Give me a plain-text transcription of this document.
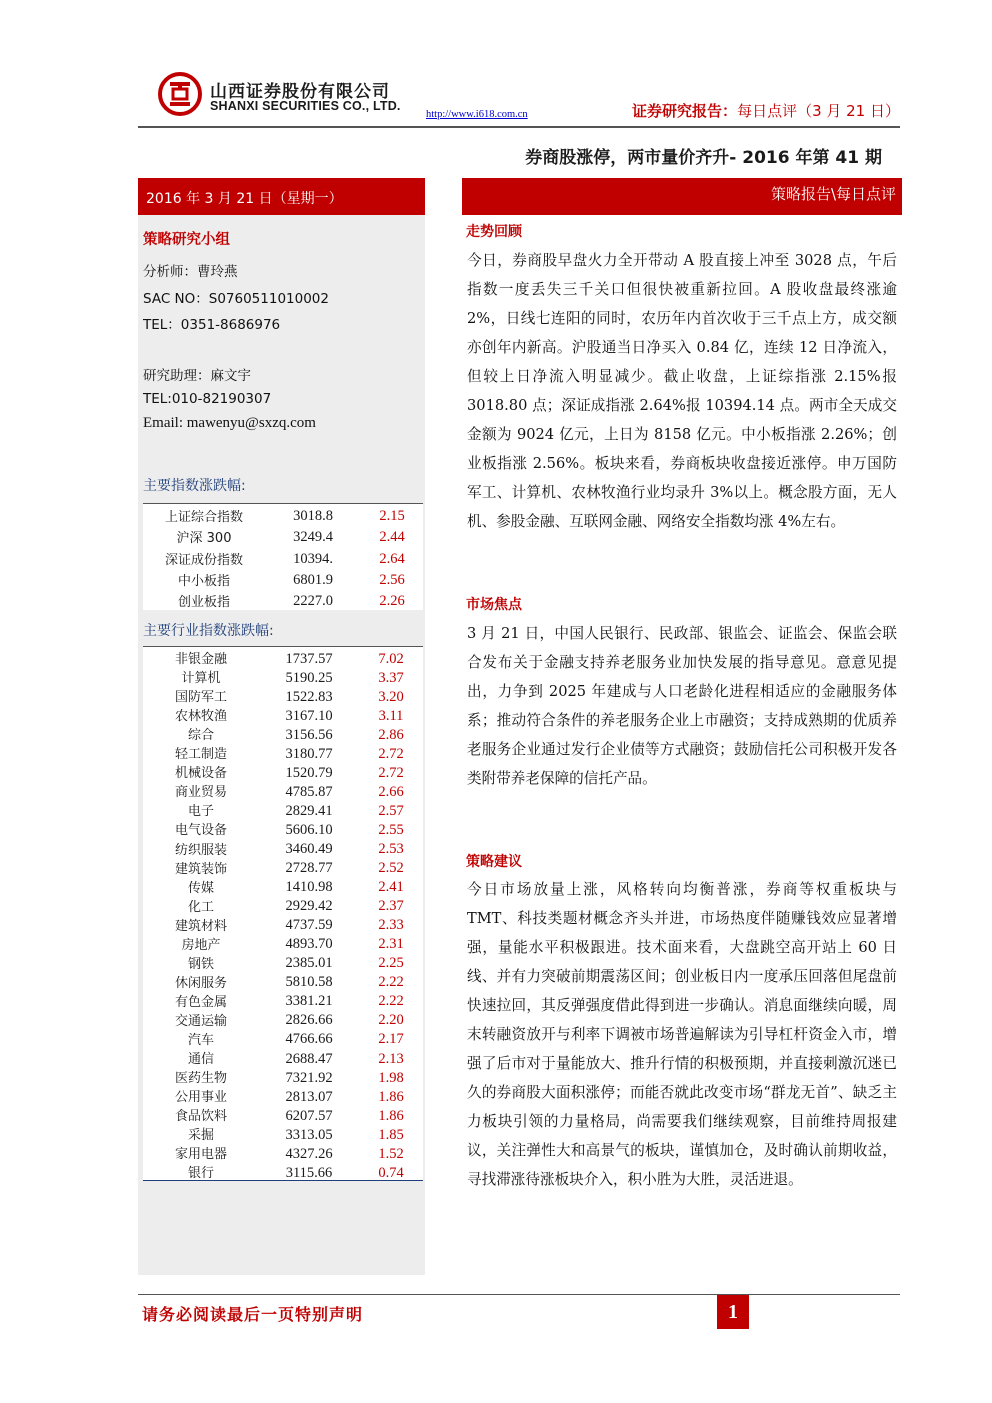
山西证券股份有限公司
SHANXI SECURITIES CO., LTD.
http://www.i618.com.cn	证券研究报告：每日点评（3 月 21 日）
券商股涨停，两市量价齐升- 2016 年第 41 期
2016 年 3 月 21 日（星期一）
策略研究小组
分析师：曹玲燕
SAC NO：S0760511010002
TEL：0351-8686976
研究助理：麻文宇
TEL:010-82190307
Email: mawenyu@sxzq.com
主要指数涨跌幅:
上证综合指数	3018.8	2.15
沪深 300	3249.4	2.44
深证成份指数	10394.	2.64
中小板指	6801.9	2.56
创业板指	2227.0	2.26
主要行业指数涨跌幅:
非银金融	1737.57	7.02
计算机	5190.25	3.37
国防军工	1522.83	3.20
农林牧渔	3167.10	3.11
综合	3156.56	2.86
轻工制造	3180.77	2.72
机械设备	1520.79	2.72
商业贸易	4785.87	2.66
电子	2829.41	2.57
电气设备	5606.10	2.55
纺织服装	3460.49	2.53
建筑装饰	2728.77	2.52
传媒	1410.98	2.41
化工	2929.42	2.37
建筑材料	4737.59	2.33
房地产	4893.70	2.31
钢铁	2385.01	2.25
休闲服务	5810.58	2.22
有色金属	3381.21	2.22
交通运输	2826.66	2.20
汽车	4766.66	2.17
通信	2688.47	2.13
医药生物	7321.92	1.98
公用事业	2813.07	1.86
食品饮料	6207.57	1.86
采掘	3313.05	1.85
家用电器	4327.26	1.52
银行	3115.66	0.74
策略报告\每日点评
走势回顾
今日，券商股早盘火力全开带动 A 股直接上冲至 3028 点，午后指数一度丢失三千关口但很快被重新拉回。A 股收盘最终涨逾 2%，日线七连阳的同时，农历年内首次收于三千点上方，成交额亦创年内新高。沪股通当日净买入 0.84 亿，连续 12 日净流入，但较上日净流入明显减少。截止收盘，上证综指涨 2.15%报 3018.80 点；深证成指涨 2.64%报 10394.14 点。两市全天成交金额为 9024 亿元，上日为 8158 亿元。中小板指涨 2.26%；创业板指涨 2.56%。板块来看，券商板块收盘接近涨停。申万国防军工、计算机、农林牧渔行业均录升 3%以上。概念股方面，无人机、参股金融、互联网金融、网络安全指数均涨 4%左右。
市场焦点
3 月 21 日，中国人民银行、民政部、银监会、证监会、保监会联合发布关于金融支持养老服务业加快发展的指导意见。意意见提出，力争到 2025 年建成与人口老龄化进程相适应的金融服务体系；推动符合条件的养老服务企业上市融资；支持成熟期的优质养老服务企业通过发行企业债等方式融资；鼓励信托公司积极开发各类附带养老保障的信托产品。
策略建议
今日市场放量上涨，风格转向均衡普涨，券商等权重板块与 TMT、科技类题材概念齐头并进，市场热度伴随赚钱效应显著增强，量能水平积极跟进。技术面来看，大盘跳空高开站上 60 日线、并有力突破前期震荡区间；创业板日内一度承压回落但尾盘前快速拉回，其反弹强度借此得到进一步确认。消息面继续向暖，周末转融资放开与利率下调被市场普遍解读为引导杠杆资金入市，增强了后市对于量能放大、推升行情的积极预期，并直接刺激沉迷已久的券商股大面积涨停；而能否就此改变市场“群龙无首”、缺乏主力板块引领的力量格局，尚需要我们继续观察，目前维持周报建议，关注弹性大和高景气的板块，谨慎加仓，及时确认前期收益，寻找滞涨待涨板块介入，积小胜为大胜，灵活进退。
请务必阅读最后一页特别声明	1
